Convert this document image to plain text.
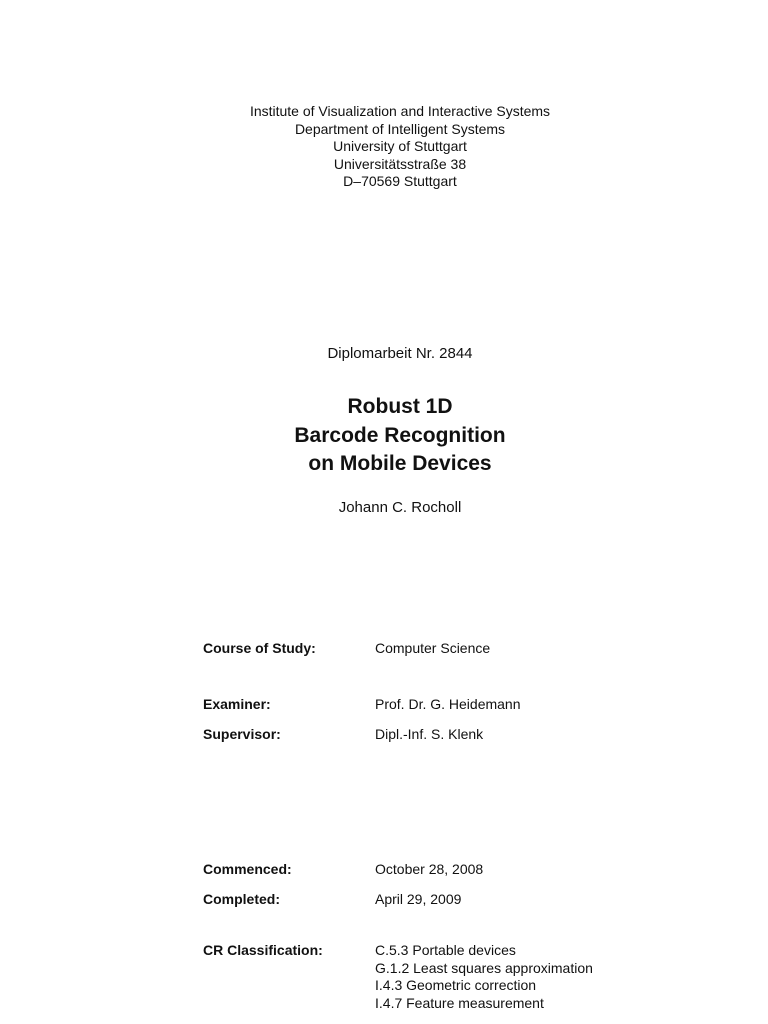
Institute of Visualization and Interactive Systems
Department of Intelligent Systems
University of Stuttgart
Universitätsstraße 38
D–70569 Stuttgart
Diplomarbeit Nr. 2844
Robust 1D
Barcode Recognition
on Mobile Devices
Johann C. Rocholl
Course of Study:	Computer Science
Examiner:	Prof. Dr. G. Heidemann
Supervisor:	Dipl.-Inf. S. Klenk
Commenced:	October 28, 2008
Completed:	April 29, 2009
CR Classification:	C.5.3 Portable devices
G.1.2 Least squares approximation
I.4.3 Geometric correction
I.4.7 Feature measurement
